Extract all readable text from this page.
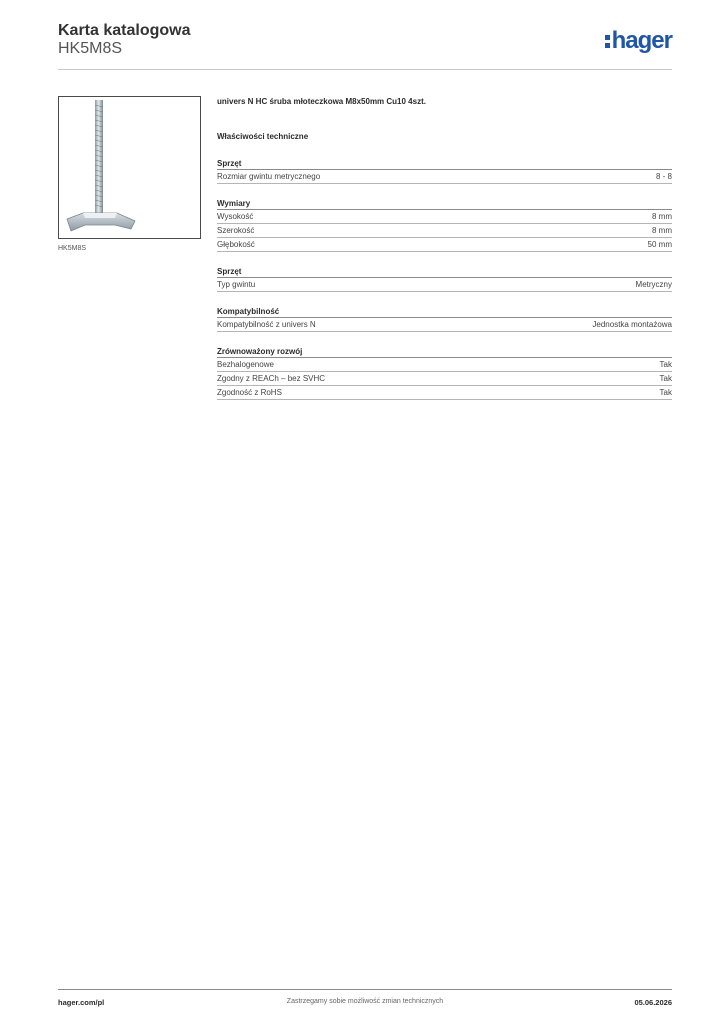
Karta katalogowa
HK5M8S	hager
HK5M8S
univers N HC śruba młoteczkowa M8x50mm Cu10 4szt.
Właściwości techniczne
Sprzęt
Rozmiar gwintu metrycznego	8 - 8
Wymiary
Wysokość	8 mm
Szerokość	8 mm
Głębokość	50 mm
Sprzęt
Typ gwintu	Metryczny
Kompatybilność
Kompatybilność z univers N	Jednostka montażowa
Zrównoważony rozwój
Bezhalogenowe	Tak
Zgodny z REACh – bez SVHC	Tak
Zgodność z RoHS	Tak
hager.com/pl	Zastrzegamy sobie możliwość zmian technicznych	05.06.2026
